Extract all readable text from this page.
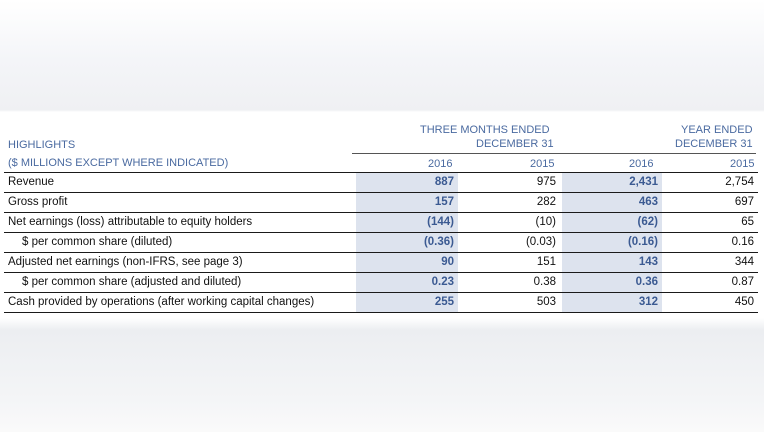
HIGHLIGHTS
($ MILLIONS EXCEPT WHERE INDICATED)
THREE MONTHS ENDED
DECEMBER 31
YEAR ENDED
DECEMBER 31
2016	2015	2016	2015
Revenue	887	975	2,431	2,754
Gross profit	157	282	463	697
Net earnings (loss) attributable to equity holders	(144)	(10)	(62)	65
$ per common share (diluted)	(0.36)	(0.03)	(0.16)	0.16
Adjusted net earnings (non-IFRS, see page 3)	90	151	143	344
$ per common share (adjusted and diluted)	0.23	0.38	0.36	0.87
Cash provided by operations (after working capital changes)	255	503	312	450
